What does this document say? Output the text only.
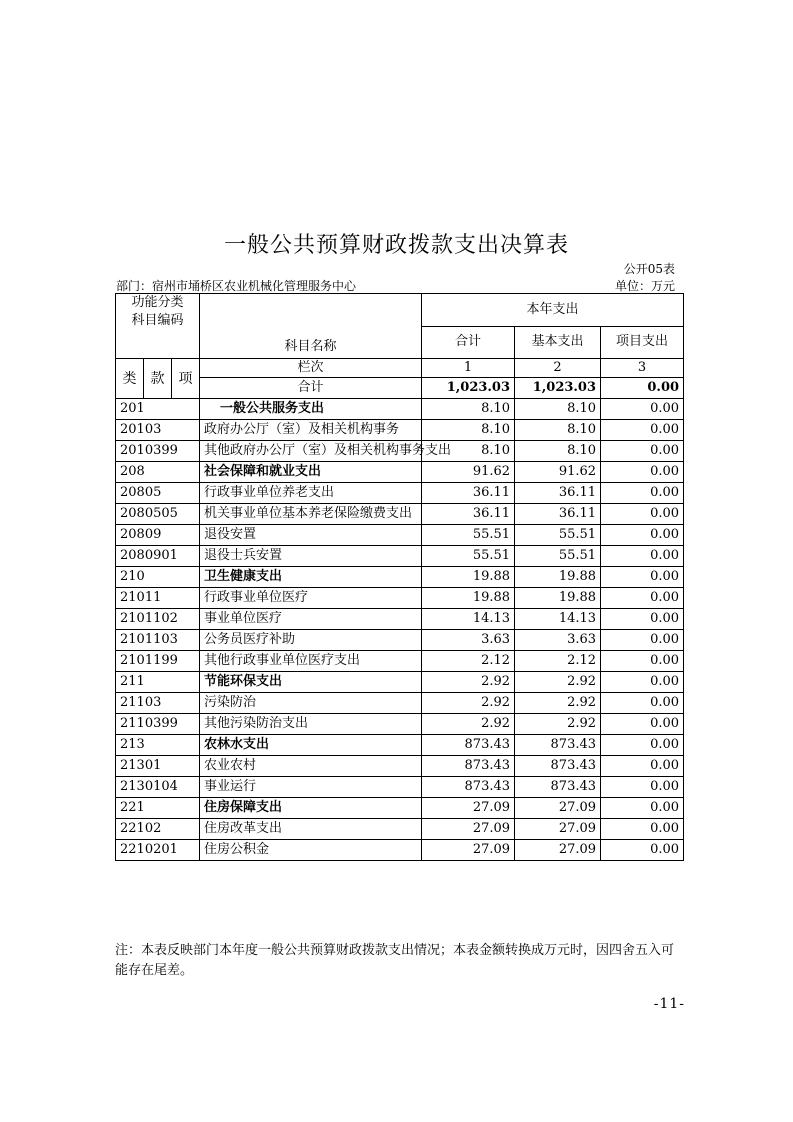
一般公共预算财政拨款支出决算表
公开05表
部门：宿州市埇桥区农业机械化管理服务中心	单位：万元
功能分类
科目编码			科目名称	本年支出		
				合计	基本支出	项目支出
类	款	项	栏次	1	2	3
			合计	1,023.03	1,023.03	0.00
201			一般公共服务支出	8.10	8.10	0.00
20103			政府办公厅（室）及相关机构事务	8.10	8.10	0.00
2010399			其他政府办公厅（室）及相关机构事务支出	8.10	8.10	0.00
208			社会保障和就业支出	91.62	91.62	0.00
20805			行政事业单位养老支出	36.11	36.11	0.00
2080505			机关事业单位基本养老保险缴费支出	36.11	36.11	0.00
20809			退役安置	55.51	55.51	0.00
2080901			退役士兵安置	55.51	55.51	0.00
210			卫生健康支出	19.88	19.88	0.00
21011			行政事业单位医疗	19.88	19.88	0.00
2101102			事业单位医疗	14.13	14.13	0.00
2101103			公务员医疗补助	3.63	3.63	0.00
2101199			其他行政事业单位医疗支出	2.12	2.12	0.00
211			节能环保支出	2.92	2.92	0.00
21103			污染防治	2.92	2.92	0.00
2110399			其他污染防治支出	2.92	2.92	0.00
213			农林水支出	873.43	873.43	0.00
21301			农业农村	873.43	873.43	0.00
2130104			事业运行	873.43	873.43	0.00
221			住房保障支出	27.09	27.09	0.00
22102			住房改革支出	27.09	27.09	0.00
2210201			住房公积金	27.09	27.09	0.00
注：本表反映部门本年度一般公共预算财政拨款支出情况；本表金额转换成万元时，因四舍五入可能存在尾差。
-11-
